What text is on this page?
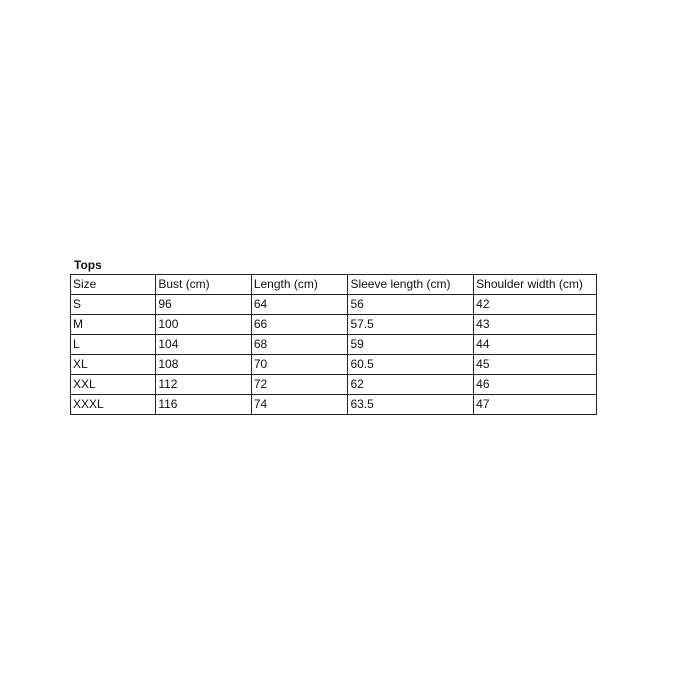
Tops
Size	Bust (cm)	Length (cm)	Sleeve length (cm)	Shoulder width (cm)
S	96	64	56	42
M	100	66	57.5	43
L	104	68	59	44
XL	108	70	60.5	45
XXL	112	72	62	46
XXXL	116	74	63.5	47
